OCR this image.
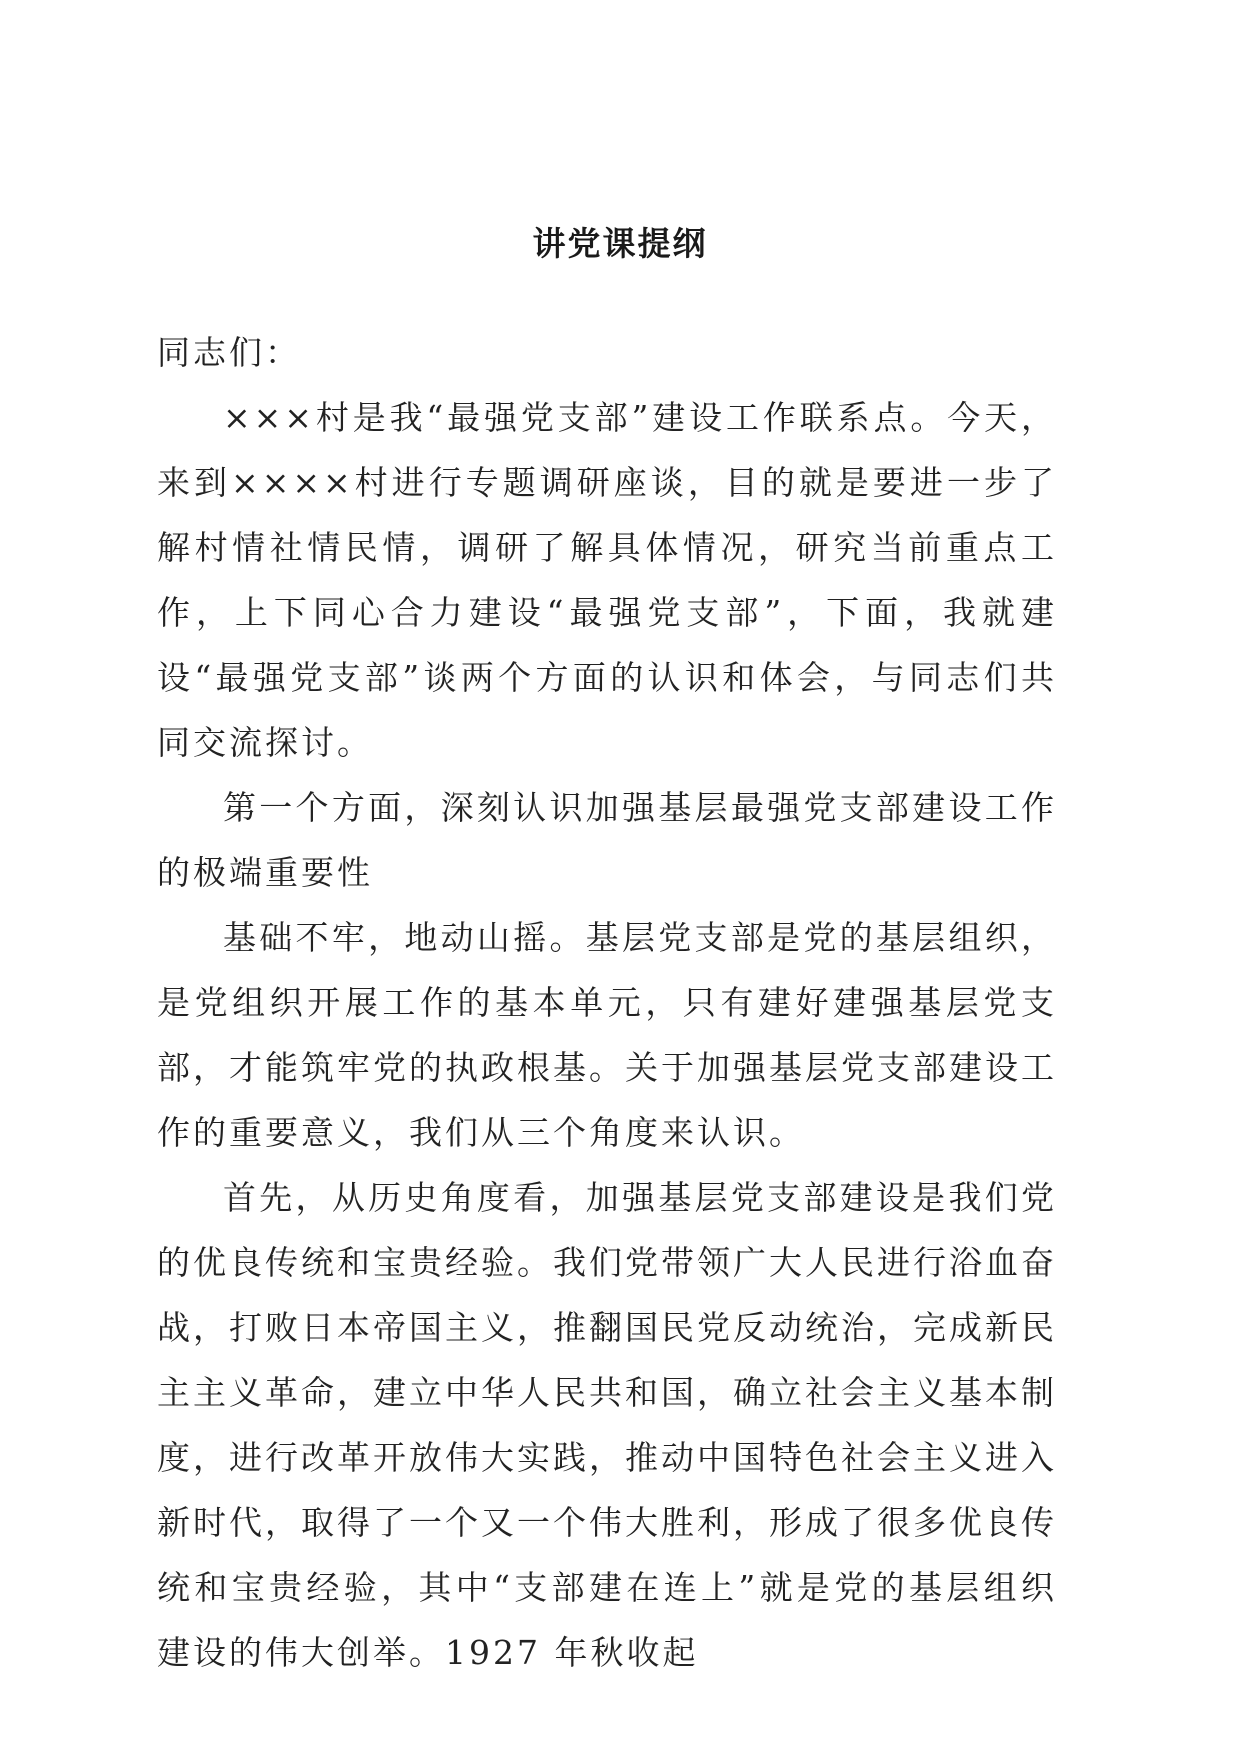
讲党课提纲

同志们：

×××村是我“最强党支部”建设工作联系点。今天，来到××××村进行专题调研座谈，目的就是要进一步了解村情社情民情，调研了解具体情况，研究当前重点工作，上下同心合力建设“最强党支部”，下面，我就建设“最强党支部”谈两个方面的认识和体会，与同志们共同交流探讨。

第一个方面，深刻认识加强基层最强党支部建设工作的极端重要性

基础不牢，地动山摇。基层党支部是党的基层组织，是党组织开展工作的基本单元，只有建好建强基层党支部，才能筑牢党的执政根基。关于加强基层党支部建设工作的重要意义，我们从三个角度来认识。

首先，从历史角度看，加强基层党支部建设是我们党的优良传统和宝贵经验。我们党带领广大人民进行浴血奋战，打败日本帝国主义，推翻国民党反动统治，完成新民主主义革命，建立中华人民共和国，确立社会主义基本制度，进行改革开放伟大实践，推动中国特色社会主义进入新时代，取得了一个又一个伟大胜利，形成了很多优良传统和宝贵经验，其中“支部建在连上”就是党的基层组织建设的伟大创举。1927 年秋收起
